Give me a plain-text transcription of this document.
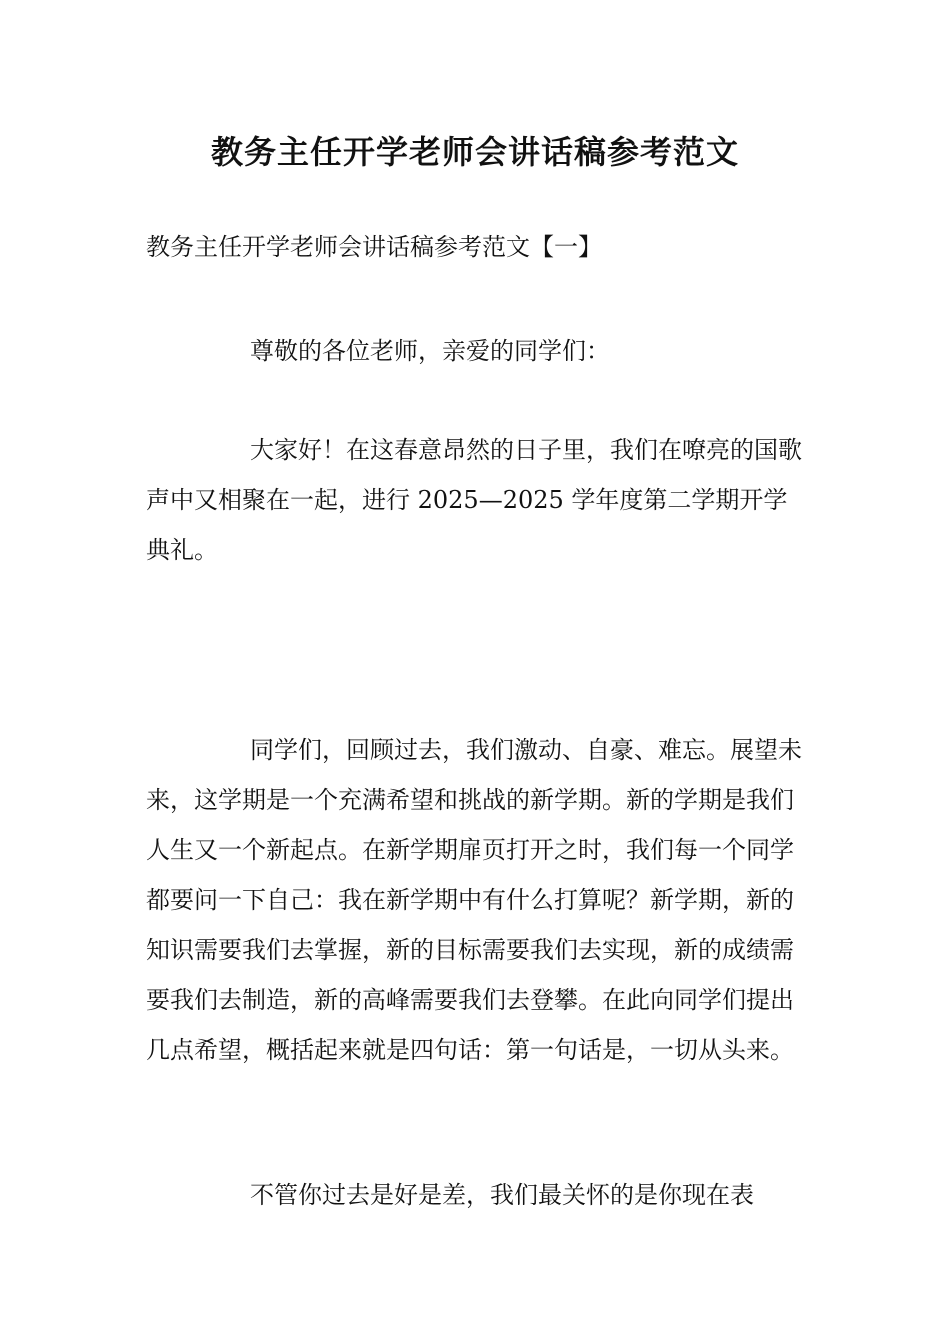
教务主任开学老师会讲话稿参考范文

教务主任开学老师会讲话稿参考范文【一】

尊敬的各位老师，亲爱的同学们：

大家好！在这春意昂然的日子里，我们在嘹亮的国歌声中又相聚在一起，进行 2025—2025 学年度第二学期开学典礼。

同学们，回顾过去，我们激动、自豪、难忘。展望未来，这学期是一个充满希望和挑战的新学期。新的学期是我们人生又一个新起点。在新学期扉页打开之时，我们每一个同学都要问一下自己：我在新学期中有什么打算呢？新学期，新的知识需要我们去掌握，新的目标需要我们去实现，新的成绩需要我们去制造，新的高峰需要我们去登攀。在此向同学们提出几点希望，概括起来就是四句话：第一句话是，一切从头来。

不管你过去是好是差，我们最关怀的是你现在表
